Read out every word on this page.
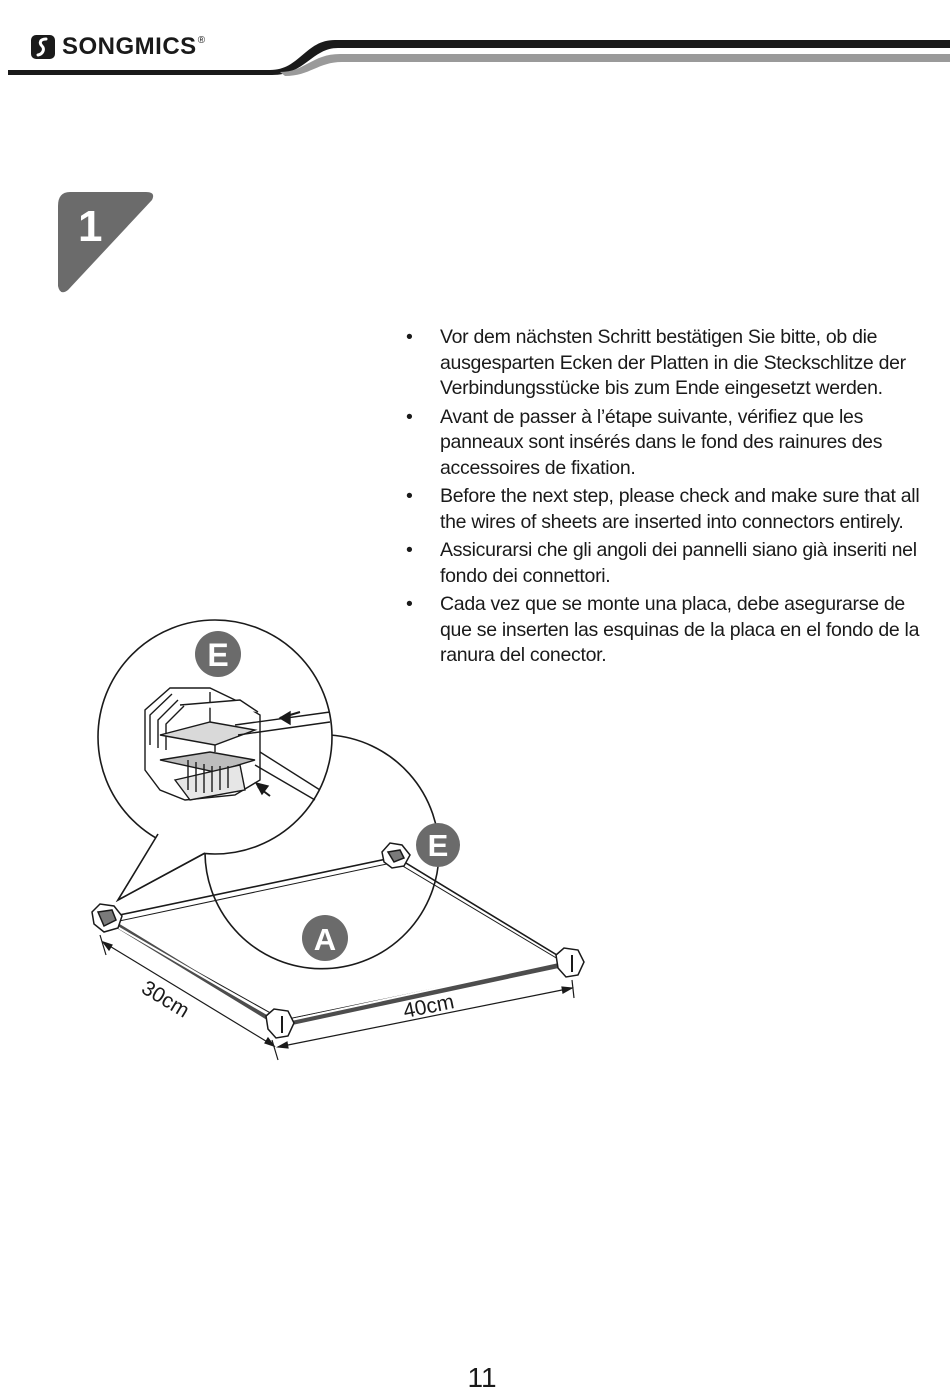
SONGMICS®
1
• Vor dem nächsten Schritt bestätigen Sie bitte, ob die ausgesparten Ecken der Platten in die Steckschlitze der Verbindungsstücke bis zum Ende eingesetzt werden.
• Avant de passer à l’étape suivante, vérifiez que les panneaux sont insérés dans le fond des rainures des accessoires de fixation.
• Before the next step, please check and make sure that all the wires of sheets are inserted into connectors entirely.
• Assicurarsi che gli angoli dei pannelli siano già inseriti nel fondo dei connettori.
• Cada vez que se monte una placa, debe asegurarse de que se inserten las esquinas de la placa en el fondo de la ranura del conector.
E
E
A
30cm	40cm
11
